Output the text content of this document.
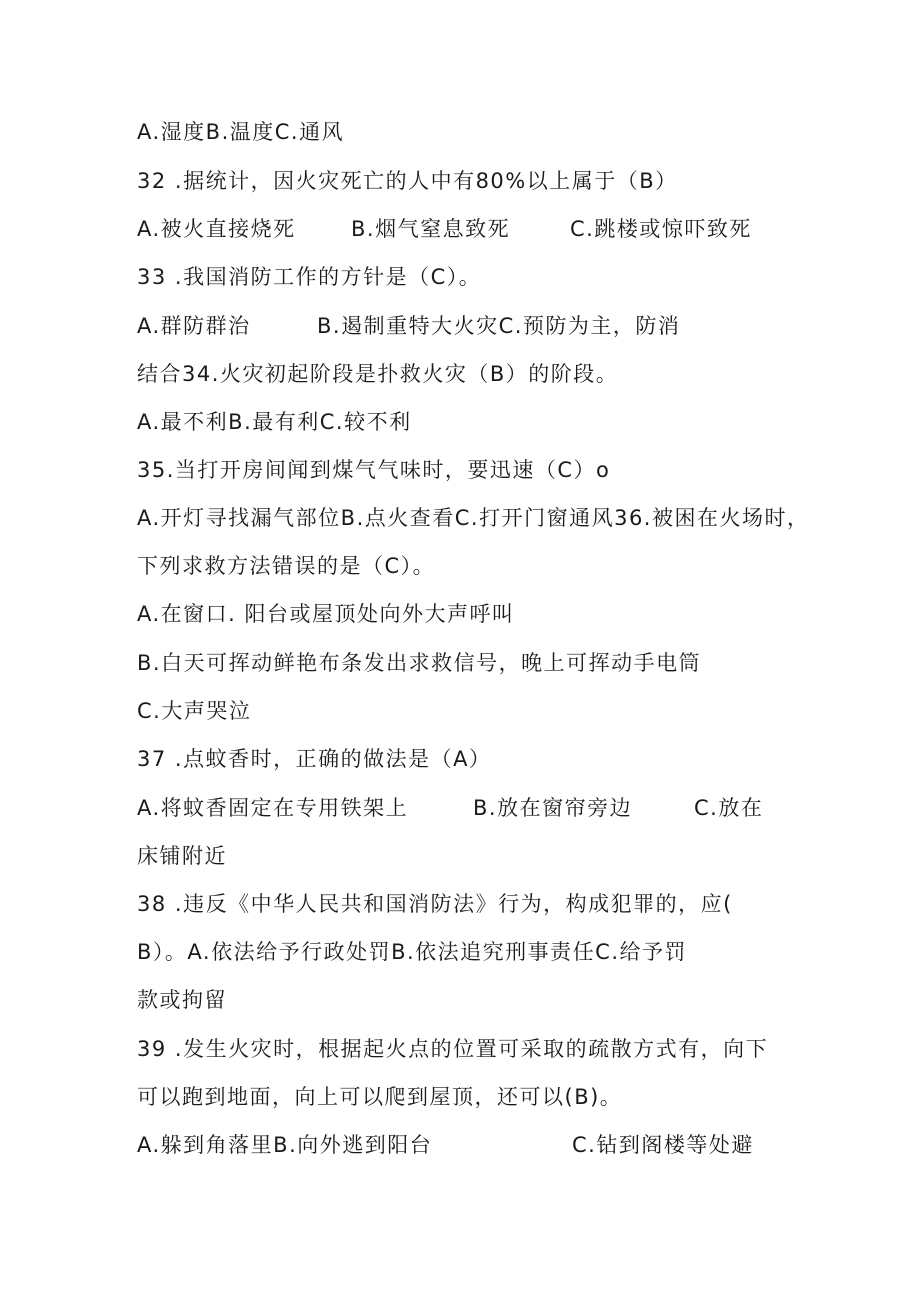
A.湿度B.温度C.通风
32 .据统计，因火灾死亡的人中有80%以上属于（B）

A.被火直接烧死

	B.烟气窒息致死

	C.跳楼或惊吓致死

33 .我国消防工作的方针是（C）。

A.群防群治

	B.遏制重特大火灾C.预防为主，防消

结合34.火灾初起阶段是扑救火灾（B）的阶段。
A.最不利B.最有利C.较不利
35.当打开房间闻到煤气气味时，要迅速（C）o
A.开灯寻找漏气部位B.点火查看C.打开门窗通风36.被困在火场时，
下列求救方法错误的是（C）。
A.在窗口. 阳台或屋顶处向外大声呼叫
B.白天可挥动鲜艳布条发出求救信号，晚上可挥动手电筒
C.大声哭泣
37 .点蚊香时，正确的做法是（A）

A.将蚊香固定在专用铁架上

	B.放在窗帘旁边

	C.放在

床铺附近
38 .违反《中华人民共和国消防法》行为，构成犯罪的，应(
B）。A.依法给予行政处罚B.依法追究刑事责任C.给予罚
款或拘留
39 .发生火灾时，根据起火点的位置可采取的疏散方式有，向下
可以跑到地面，向上可以爬到屋顶，还可以(B)。

A.躲到角落里B.向外逃到阳台

	C.钻到阁楼等处避
